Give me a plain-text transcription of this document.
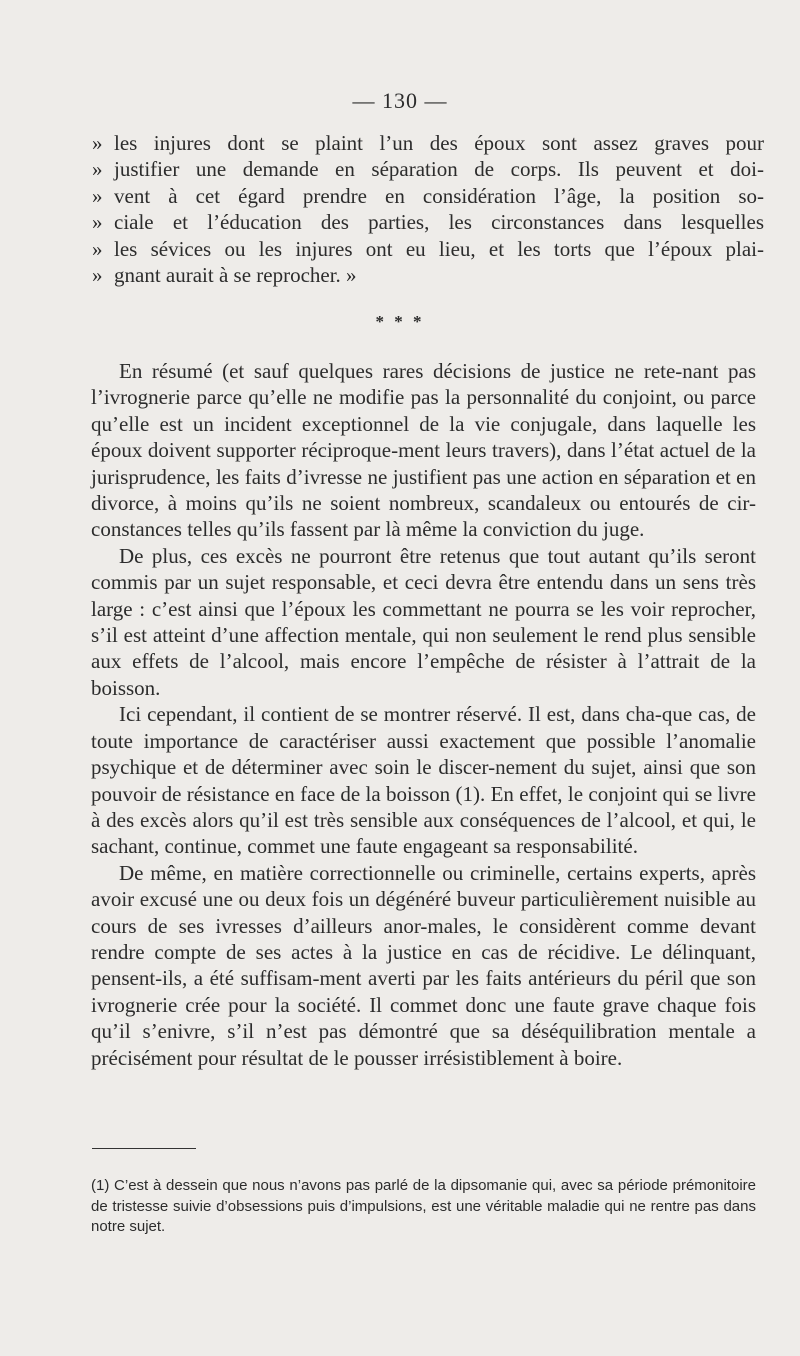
— 130 —
» les injures dont se plaint l’un des époux sont assez graves pour
» justifier une demande en séparation de corps. Ils peuvent et doi-
» vent à cet égard prendre en considération l’âge, la position so-
» ciale et l’éducation des parties, les circonstances dans lesquelles
» les sévices ou les injures ont eu lieu, et les torts que l’époux plai-
» gnant aurait à se reprocher. »
* * *

En résumé (et sauf quelques rares décisions de justice ne rete-nant pas l’ivrognerie parce qu’elle ne modifie pas la personnalité du conjoint, ou parce qu’elle est un incident exceptionnel de la vie conjugale, dans laquelle les époux doivent supporter réciproque-ment leurs travers), dans l’état actuel de la jurisprudence, les faits d’ivresse ne justifient pas une action en séparation et en divorce, à moins qu’ils ne soient nombreux, scandaleux ou entourés de cir-constances telles qu’ils fassent par là même la conviction du juge.

De plus, ces excès ne pourront être retenus que tout autant qu’ils seront commis par un sujet responsable, et ceci devra être entendu dans un sens très large : c’est ainsi que l’époux les commettant ne pourra se les voir reprocher, s’il est atteint d’une affection mentale, qui non seulement le rend plus sensible aux effets de l’alcool, mais encore l’empêche de résister à l’attrait de la boisson.

Ici cependant, il contient de se montrer réservé. Il est, dans cha-que cas, de toute importance de caractériser aussi exactement que possible l’anomalie psychique et de déterminer avec soin le discer-nement du sujet, ainsi que son pouvoir de résistance en face de la boisson (1). En effet, le conjoint qui se livre à des excès alors qu’il est très sensible aux conséquences de l’alcool, et qui, le sachant, continue, commet une faute engageant sa responsabilité.

De même, en matière correctionnelle ou criminelle, certains experts, après avoir excusé une ou deux fois un dégénéré buveur particulièrement nuisible au cours de ses ivresses d’ailleurs anor-males, le considèrent comme devant rendre compte de ses actes à la justice en cas de récidive. Le délinquant, pensent-ils, a été suffisam-ment averti par les faits antérieurs du péril que son ivrognerie crée pour la société. Il commet donc une faute grave chaque fois qu’il s’enivre, s’il n’est pas démontré que sa déséquilibration mentale a précisément pour résultat de le pousser irrésistiblement à boire.

(1) C’est à dessein que nous n’avons pas parlé de la dipsomanie qui, avec sa période prémonitoire de tristesse suivie d’obsessions puis d’impulsions, est une véritable maladie qui ne rentre pas dans notre sujet.
